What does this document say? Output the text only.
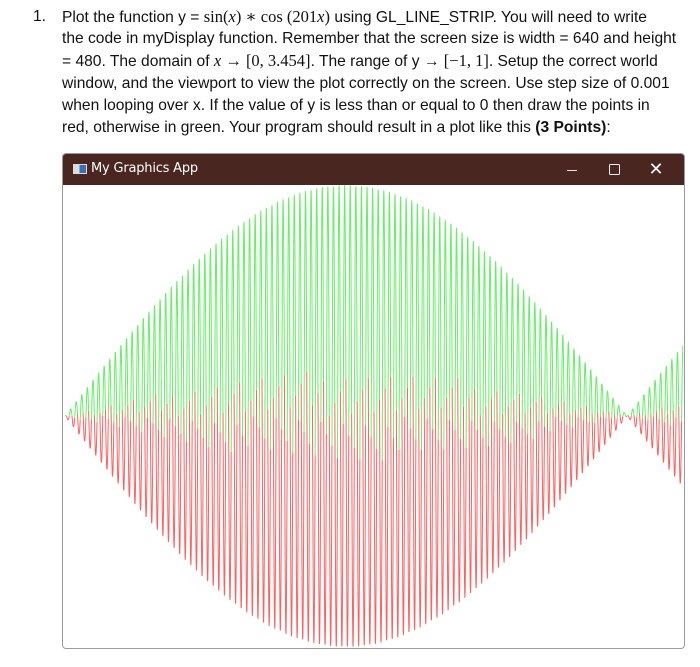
1. Plot the function y = sin(x) ∗ cos (201x) using GL_LINE_STRIP. You will need to write
the code in myDisplay function. Remember that the screen size is width = 640 and height
= 480. The domain of x → [0, 3.454]. The range of y → [−1, 1]. Setup the correct world
window, and the viewport to view the plot correctly on the screen. Use step size of 0.001
when looping over x. If the value of y is less than or equal to 0 then draw the points in
red, otherwise in green. Your program should result in a plot like this (3 Points):
My Graphics App	✕
